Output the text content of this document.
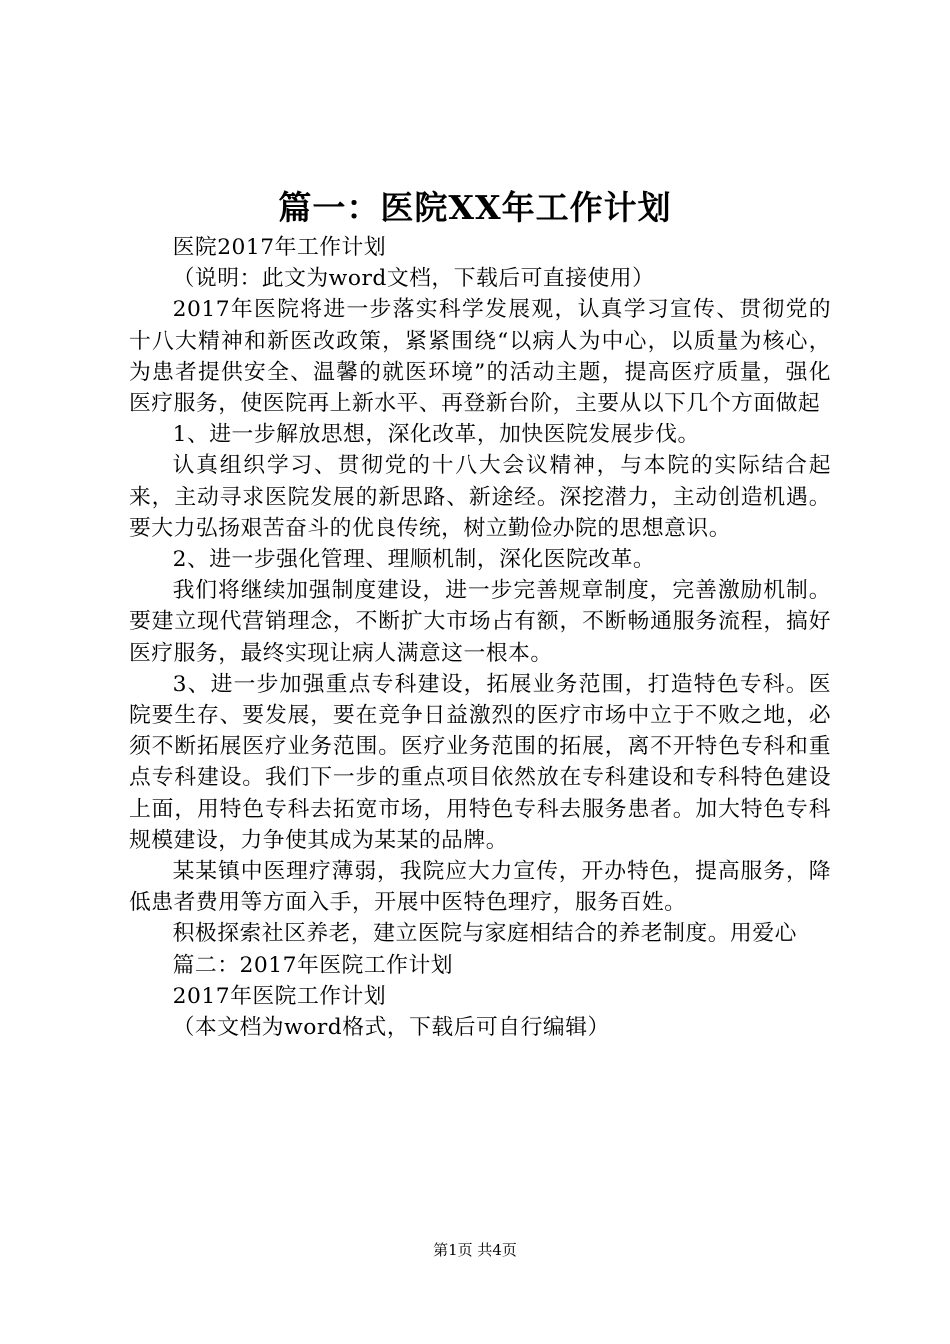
篇一：医院XX年工作计划

医院2017年工作计划

（说明：此文为word文档，下载后可直接使用）

2017年医院将进一步落实科学发展观，认真学习宣传、贯彻党的十八大精神和新医改政策，紧紧围绕“以病人为中心，以质量为核心，为患者提供安全、温馨的就医环境”的活动主题，提高医疗质量，强化医疗服务，使医院再上新水平、再登新台阶，主要从以下几个方面做起

1、进一步解放思想，深化改革，加快医院发展步伐。

认真组织学习、贯彻党的十八大会议精神，与本院的实际结合起来，主动寻求医院发展的新思路、新途经。深挖潜力，主动创造机遇。要大力弘扬艰苦奋斗的优良传统，树立勤俭办院的思想意识。

2、进一步强化管理、理顺机制，深化医院改革。

我们将继续加强制度建设，进一步完善规章制度，完善激励机制。要建立现代营销理念，不断扩大市场占有额，不断畅通服务流程，搞好医疗服务，最终实现让病人满意这一根本。

3、进一步加强重点专科建设，拓展业务范围，打造特色专科。医院要生存、要发展，要在竞争日益激烈的医疗市场中立于不败之地，必须不断拓展医疗业务范围。医疗业务范围的拓展，离不开特色专科和重点专科建设。我们下一步的重点项目依然放在专科建设和专科特色建设上面，用特色专科去拓宽市场，用特色专科去服务患者。加大特色专科规模建设，力争使其成为某某的品牌。

某某镇中医理疗薄弱，我院应大力宣传，开办特色，提高服务，降低患者费用等方面入手，开展中医特色理疗，服务百姓。

积极探索社区养老，建立医院与家庭相结合的养老制度。用爱心

篇二：2017年医院工作计划

2017年医院工作计划

（本文档为word格式，下载后可自行编辑）

第1页 共4页
